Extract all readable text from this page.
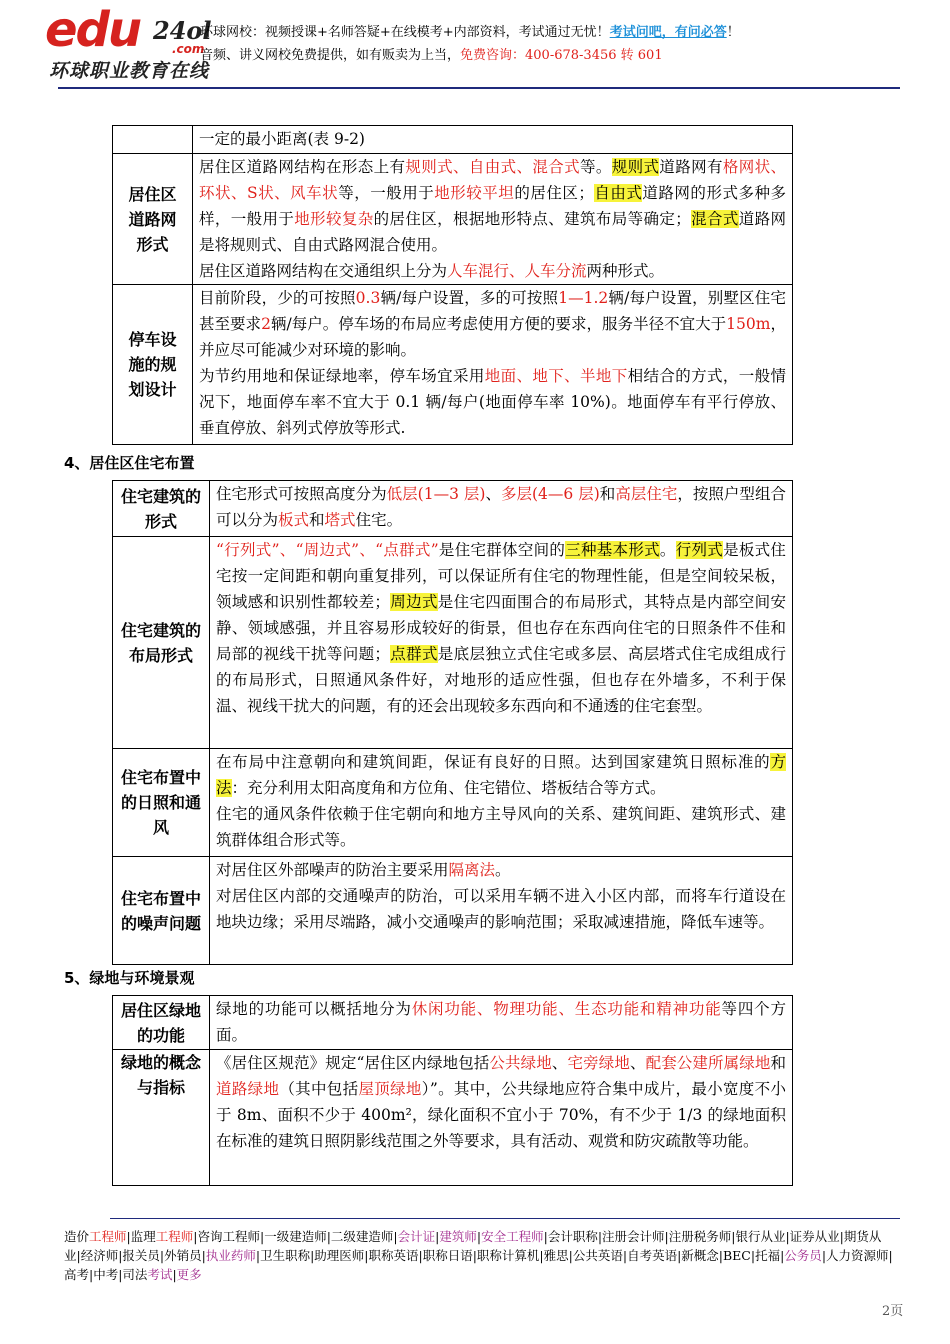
edu 24ol
.com
环球职业教育在线
环球网校：视频授课+名师答疑+在线模考+内部资料，考试通过无忧！考试问吧，有问必答！
音频、讲义网校免费提供，如有贩卖为上当，免费咨询：400-678-3456 转 601
	一定的最小距离(表 9-2)
居住区道路网形式	居住区道路网结构在形态上有规则式、自由式、混合式等。规则式道路网有格网状、环状、S状、风车状等，一般用于地形较平坦的居住区；自由式道路网的形式多种多样，一般用于地形较复杂的居住区，根据地形特点、建筑布局等确定；混合式道路网是将规则式、自由式路网混合使用。
居住区道路网结构在交通组织上分为人车混行、人车分流两种形式。

停车设施的规划设计	目前阶段，少的可按照0.3辆/每户设置，多的可按照1—1.2辆/每户设置，别墅区住宅甚至要求2辆/每户。停车场的布局应考虑使用方便的要求，服务半径不宜大于150m，并应尽可能减少对环境的影响。
为节约用地和保证绿地率，停车场宜采用地面、地下、半地下相结合的方式，一般情况下，地面停车率不宜大于 0.1 辆/每户(地面停车率 10%)。地面停车有平行停放、垂直停放、斜列式停放等形式.
4、居住区住宅布置
住宅建筑的形式	住宅形式可按照高度分为低层(1—3 层)、多层(4—6 层)和高层住宅，按照户型组合可以分为板式和塔式住宅。
住宅建筑的布局形式	“行列式”、“周边式”、“点群式”是住宅群体空间的三种基本形式。行列式是板式住宅按一定间距和朝向重复排列，可以保证所有住宅的物理性能，但是空间较呆板，领域感和识别性都较差；周边式是住宅四面围合的布局形式，其特点是内部空间安静、领域感强，并且容易形成较好的街景，但也存在东西向住宅的日照条件不佳和局部的视线干扰等问题；点群式是底层独立式住宅或多层、高层塔式住宅成组成行的布局形式，日照通风条件好，对地形的适应性强，但也存在外墙多，不利于保温、视线干扰大的问题，有的还会出现较多东西向和不通透的住宅套型。
住宅布置中的日照和通风	在布局中注意朝向和建筑间距，保证有良好的日照。达到国家建筑日照标准的方法：充分利用太阳高度角和方位角、住宅错位、塔板结合等方式。
住宅的通风条件依赖于住宅朝向和地方主导风向的关系、建筑间距、建筑形式、建筑群体组合形式等。

住宅布置中的噪声问题	对居住区外部噪声的防治主要采用隔离法。
对居住区内部的交通噪声的防治，可以采用车辆不进入小区内部，而将车行道设在地块边缘；采用尽端路，减小交通噪声的影响范围；采取减速措施，降低车速等。
5、绿地与环境景观
居住区绿地的功能	绿地的功能可以概括地分为休闲功能、物理功能、生态功能和精神功能等四个方面。
绿地的概念与指标	《居住区规范》规定“居住区内绿地包括公共绿地、宅旁绿地、配套公建所属绿地和道路绿地（其中包括屋顶绿地）”。其中，公共绿地应符合集中成片，最小宽度不小于 8m、面积不少于 400m²，绿化面积不宜小于 70%，有不少于 1/3 的绿地面积在标准的建筑日照阴影线范围之外等要求，具有活动、观赏和防灾疏散等功能。
造价工程师|监理工程师|咨询工程师|一级建造师|二级建造师|会计证|建筑师|安全工程师|会计职称|注册会计师|注册税务师|银行从业|证券从业|期货从业|经济师|报关员|外销员|执业药师|卫生职称|助理医师|职称英语|职称日语|职称计算机|雅思|公共英语|自考英语|新概念|BEC|托福|公务员|人力资源师|高考|中考|司法考试|更多
2页
